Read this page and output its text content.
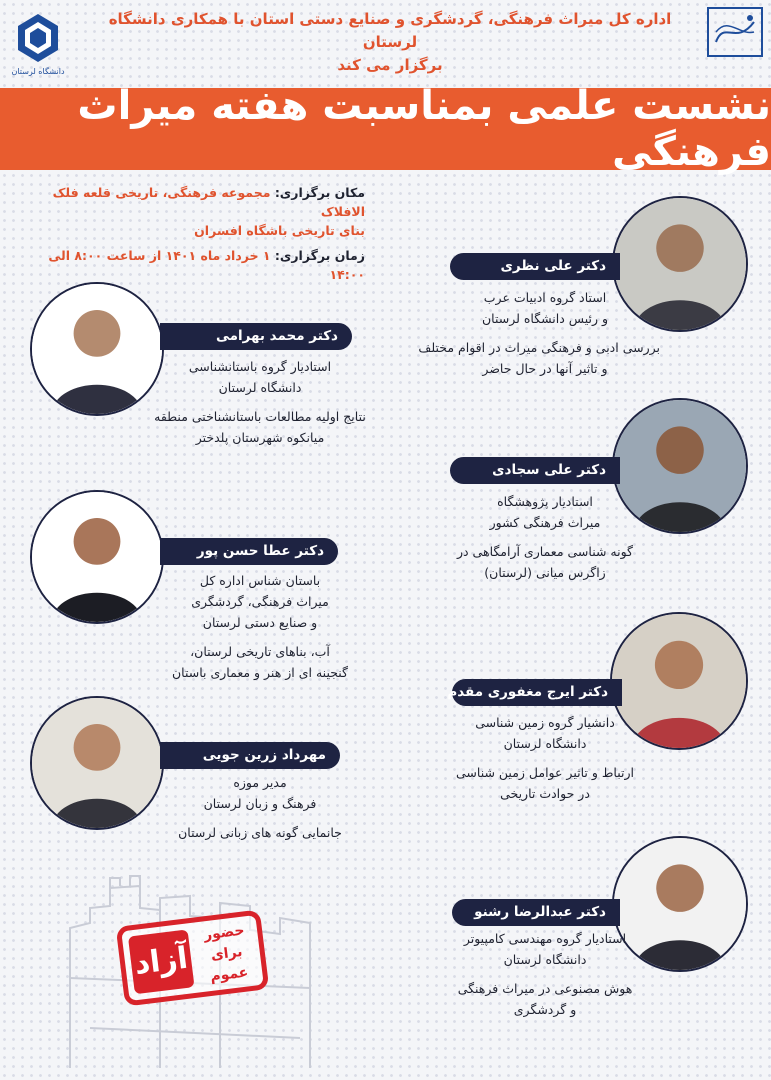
اداره کل میراث فرهنگی، گردشگری و صنایع دستی استان با همکاری دانشگاه لرستان
برگزار می کند
دانشگاه لرستان
نشست علمی بمناسبت هفته میراث فرهنگی
مکان برگزاری: مجموعه فرهنگی، تاریخی قلعه فلک الافلاک
بنای تاریخی باشگاه افسران
زمان برگزاری: ۱ خرداد ماه ۱۴۰۱ از ساعت ۸:۰۰ الی ۱۴:۰۰
دکتر علی نظری
استاد گروه ادبیات عرب
و رئیس دانشگاه لرستان
بررسی ادبی و فرهنگی میراث در اقوام مختلف
و تاثیر آنها در حال حاضر
دکتر محمد بهرامی
استادیار گروه باستانشناسی
دانشگاه لرستان
نتایج اولیه مطالعات باستانشناختی منطقه
میانکوه شهرستان پلدختر
دکتر علی سجادی
استادیار پژوهشگاه
میراث فرهنگی کشور
گونه شناسی معماری آرامگاهی در
زاگرس میانی (لرستان)
دکتر عطا حسن پور
باستان شناس اداره کل
میراث فرهنگی، گردشگری
و صنایع دستی لرستان
آب، بناهای تاریخی لرستان،
گنجینه ای از هنر و معماری باستان
دکتر ایرج مغفوری مقدم
دانشیار گروه زمین شناسی
دانشگاه لرستان
ارتباط و تاثیر عوامل زمین شناسی
در حوادث تاریخی
مهرداد زرین جویی
مدیر موزه
فرهنگ و زبان لرستان
جانمایی گونه های زبانی لرستان
دکتر عبدالرضا رشنو
استادیار گروه مهندسی کامپیوتر
دانشگاه لرستان
هوش مصنوعی در میراث فرهنگی
و گردشگری
آزاد
حضور
برای
عموم
